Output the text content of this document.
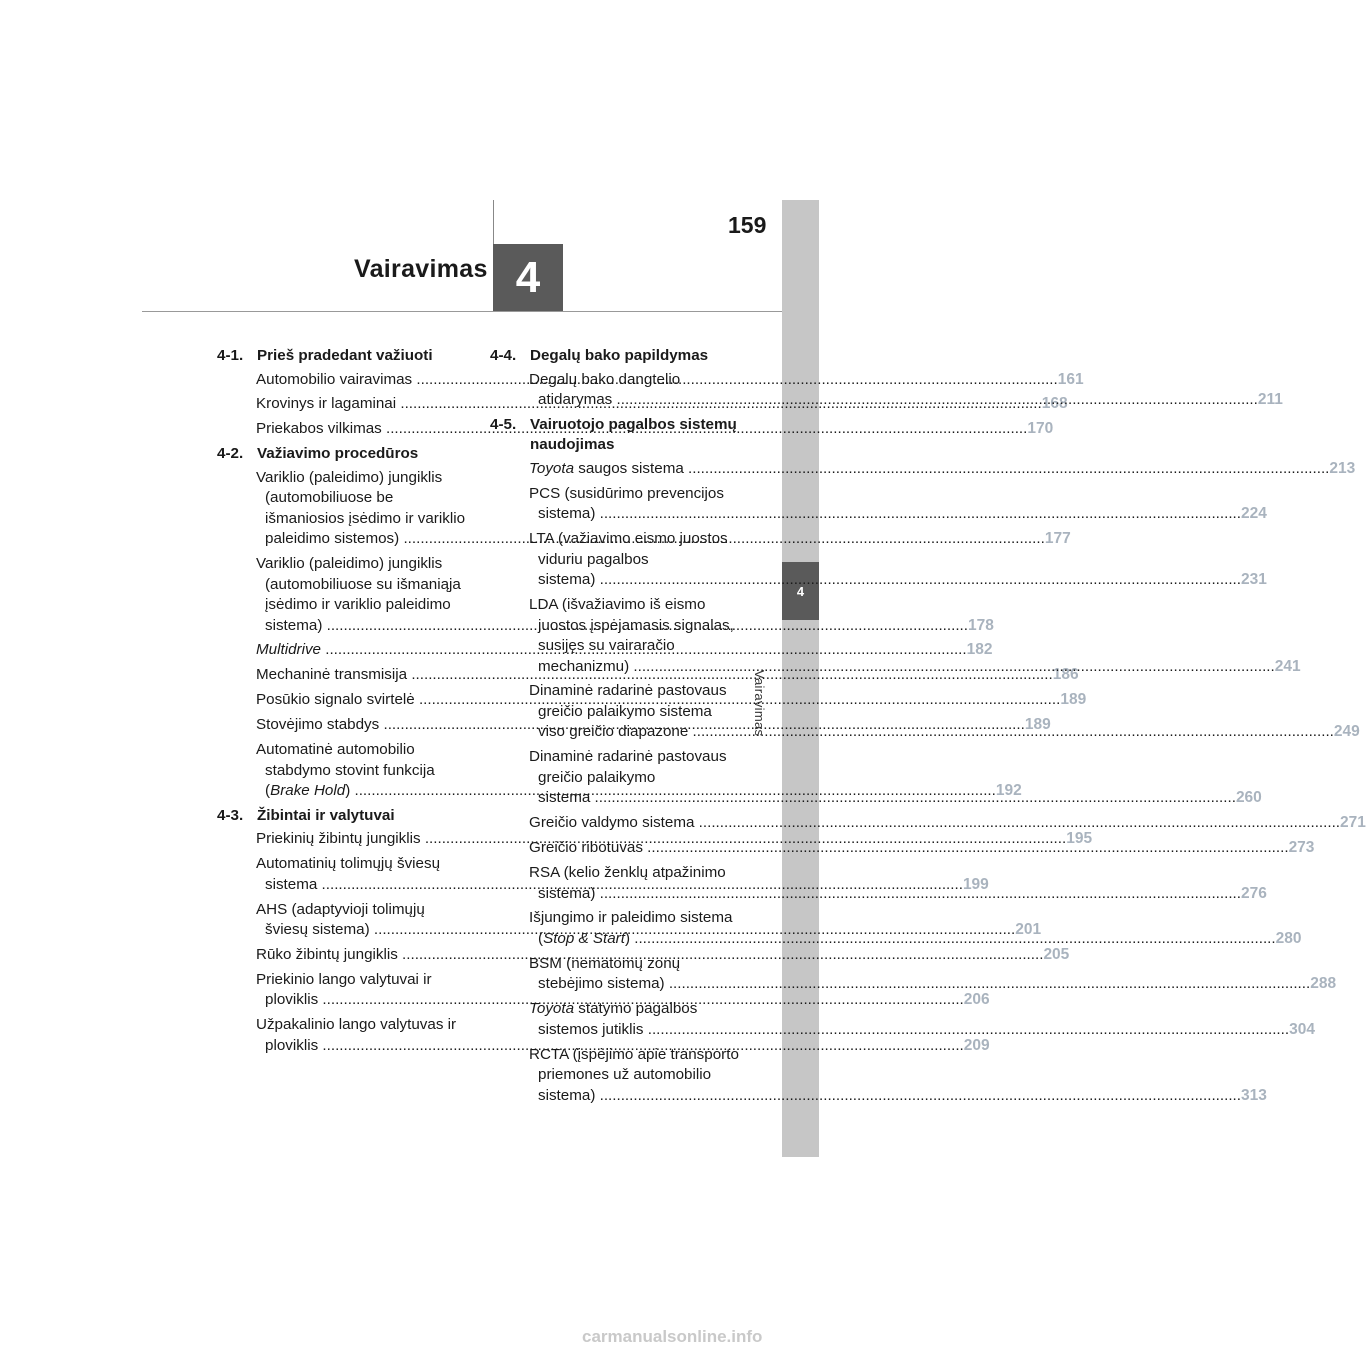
159
Vairavimas 4
4
Vairavimas
4-1. Prieš pradedant važiuoti
Automobilio vairavimas .....	161
Krovinys ir lagaminai .....	168
Priekabos vilkimas .....	170
4-2. Važiavimo procedūros
Variklio (paleidimo) jungiklis
(automobiliuose be
išmaniosios įsėdimo ir variklio
paleidimo sistemos) .....	177
Variklio (paleidimo) jungiklis
(automobiliuose su išmaniąja
įsėdimo ir variklio paleidimo
sistema) .....	178
Multidrive .....	182
Mechaninė transmisija .....	186
Posūkio signalo svirtelė .....	189
Stovėjimo stabdys .....	189
Automatinė automobilio
stabdymo stovint funkcija
(Brake Hold) .....	192
4-3. Žibintai ir valytuvai
Priekinių žibintų jungiklis .....	195
Automatinių tolimųjų šviesų
sistema .....	199
AHS (adaptyvioji tolimųjų
šviesų sistema) .....	201
Rūko žibintų jungiklis .....	205
Priekinio lango valytuvai ir
ploviklis .....	206
Užpakalinio lango valytuvas ir
ploviklis .....	209
4-4. Degalų bako papildymas
Degalų bako dangtelio
atidarymas .....	211
4-5. Vairuotojo pagalbos sistemų
naudojimas
Toyota saugos sistema .....	213
PCS (susidūrimo prevencijos
sistema) .....	224
LTA (važiavimo eismo juostos
viduriu pagalbos
sistema) .....	231
LDA (išvažiavimo iš eismo
juostos įspėjamasis signalas,
susijęs su vairaračio
mechanizmu) .....	241
Dinaminė radarinė pastovaus
greičio palaikymo sistema
viso greičio diapazone .....	249
Dinaminė radarinė pastovaus
greičio palaikymo
sistema .....	260
Greičio valdymo sistema .....	271
Greičio ribotuvas .....	273
RSA (kelio ženklų atpažinimo
sistema) .....	276
Išjungimo ir paleidimo sistema
(Stop & Start) .....	280
BSM (nematomų zonų
stebėjimo sistema) .....	288
Toyota statymo pagalbos
sistemos jutiklis .....	304
RCTA (įspėjimo apie transporto
priemones už automobilio
sistema) .....	313
carmanualsonline.info
